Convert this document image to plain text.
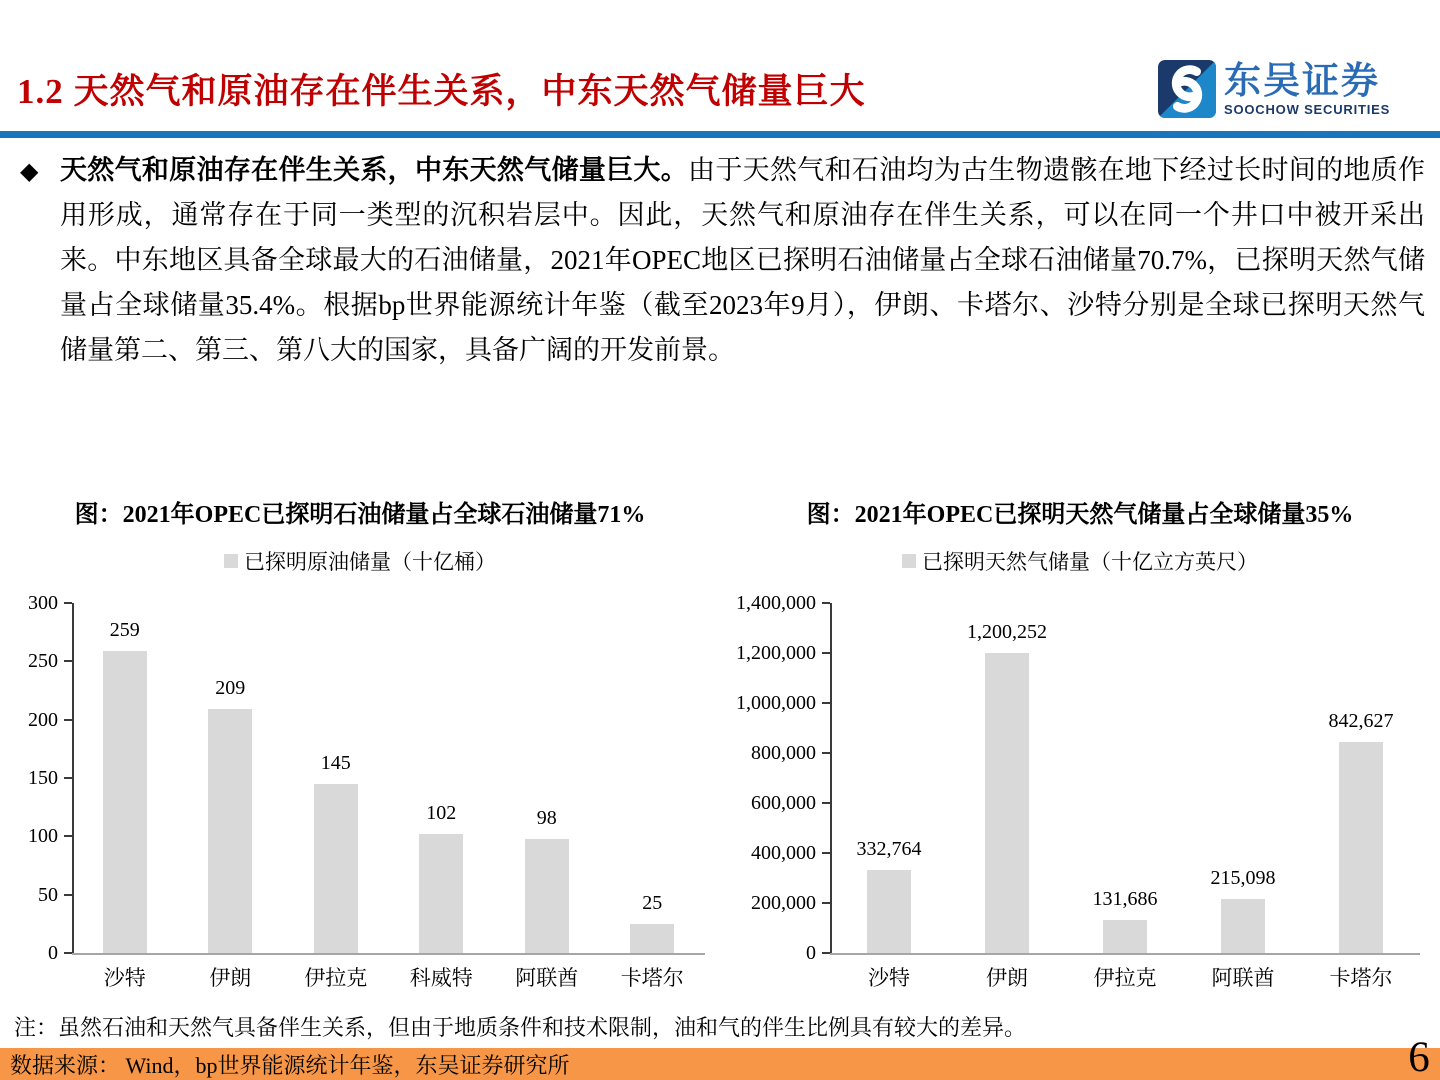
1.2 天然气和原油存在伴生关系，中东天然气储量巨大	东吴证券
SOOCHOW SECURITIES
◆ 天然气和原油存在伴生关系，中东天然气储量巨大。由于天然气和石油均为古生物遗骸在地下经过长时间的地质作用形成，通常存在于同一类型的沉积岩层中。因此，天然气和原油存在伴生关系，可以在同一个井口中被开采出来。中东地区具备全球最大的石油储量，2021年OPEC地区已探明石油储量占全球石油储量70.7%，已探明天然气储量占全球储量35.4%。根据bp世界能源统计年鉴（截至2023年9月），伊朗、卡塔尔、沙特分别是全球已探明天然气储量第二、第三、第八大的国家，具备广阔的开发前景。

图：2021年OPEC已探明石油储量占全球石油储量71%
已探明原油储量（十亿桶）
0
50
100
150
200
250
300
259
沙特
209
伊朗
145
伊拉克
102
科威特
98
阿联酋
25
卡塔尔
图：2021年OPEC已探明天然气储量占全球储量35%
已探明天然气储量（十亿立方英尺）
0
200,000
400,000
600,000
800,000
1,000,000
1,200,000
1,400,000
332,764
沙特
1,200,252
伊朗
131,686
伊拉克
215,098
阿联酋
842,627
卡塔尔
注：虽然石油和天然气具备伴生关系，但由于地质条件和技术限制，油和气的伴生比例具有较大的差异。
数据来源： Wind，bp世界能源统计年鉴，东吴证券研究所	6
